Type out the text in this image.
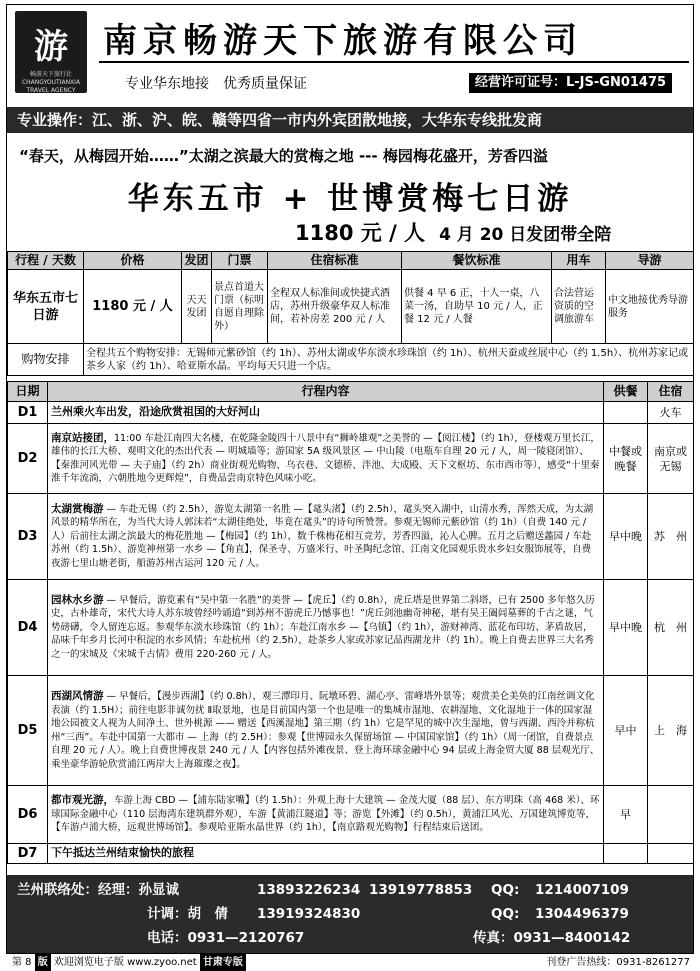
游
畅游天下旅行社 CHANGYOUTIANXIA TRAVEL AGENCY
南京畅游天下旅游有限公司
专业华东地接　优秀质量保证	经营许可证号：L-JS-GN01475
专业操作：江、浙、沪、皖、赣等四省一市内外宾团散地接，大华东专线批发商
“春天，从梅园开始……”太湖之滨最大的赏梅之地 --- 梅园梅花盛开，芳香四溢
华东五市 + 世博赏梅七日游
1180 元 / 人 4 月 20 日发团带全陪
行程 / 天数	价格	发团	门票	住宿标准	餐饮标准	用车	导游
华东五市七日游	1180 元 / 人	天天发团	景点首道大门票（标明自愿自理除外）	全程双人标准间或快捷式酒店，苏州升级豪华双人标准间，若补房差 200 元 / 人	供餐 4 早 6 正，十人一桌，八菜一汤，自助早 10 元 / 人，正餐 12 元 / 人餐	合法营运资质的空调旅游车	中文地接优秀导游服务
购物安排	全程共五个购物安排：无锡师元紫砂馆（约 1h）、苏州太湖或华东淡水珍珠馆（约 1h）、杭州天蚕或丝展中心（约 1.5h）、杭州苏家记或茶乡人家（约 1h）、哈亚斯水晶。平均每天只进一个店。						
日期	行程内容	供餐	住宿
D1	兰州乘火车出发，沿途欣赏祖国的大好河山		火车
D2	南京站接团，11:00 车赴江南四大名楼，在乾隆金陵四十八景中有“狮岭雄观”之美誉的 —【阅江楼】（约 1h），登楼观万里长江，雄伟的长江大桥、观明文化的杰出代表 — 明城墙等；游国家 5A 级风景区 — 中山陵（电瓶车自理 20 元 / 人，周一陵寝闭馆）、【秦淮河风光带 — 夫子庙】（约 2h）商业街观光购物、乌衣巷、文德桥、泮池、大成殿、天下文枢坊、东市西市等），感受“十里秦淮千年流淌，六朝胜地今更辉煌”，自费品尝南京特色风味小吃。	中餐或晚餐	南京或无锡
D3	太湖赏梅游 — 车赴无锡（约 2.5h），游览太湖第一名胜 —【鼋头渚】（约 2.5h），鼋头突入湖中，山清水秀，浑然天成，为太湖风景的精华所在，为当代大诗人郭沫若“太湖佳绝处，毕竟在鼋头”的诗句所赞誉。参观无锡师元紫砂馆（约 1h）（自费 140 元 / 人）后前往太湖之滨最大的梅花胜地 —【梅园】（约 1h），数千株梅花相互竞芳，芳香四溢，沁人心脾。五月之后赠送蠡园 / 车赴苏州（约 1.5h）、游览神州第一水乡 —【角直】，保圣寺、万盛米行、叶圣陶纪念馆、江南文化园观乐贵水乡妇女服饰展等，自费夜游七里山塘老街，船游苏州古运河 120 元 / 人。	早中晚	苏　州
D4	园林水乡游 — 早餐后，游览素有“吴中第一名胜”的美誉 —【虎丘】（约 0.8h），虎丘塔是世界第二斜塔，已有 2500 多年悠久历史，古朴雄奇，宋代大诗人苏东坡曾经吟诵道“到苏州不游虎丘乃憾事也！”虎丘剑池幽奇神秘，堪有吴王阖闾墓葬的千古之谜，气势磅礴，令人留连忘返。参观华东淡水珍珠馆（约 1h）；车赴江南水乡 —【乌镇】（约 1h），游财神湾、蓝花布印坊、茅盾故居，品味千年乡月长河中积淀的水乡风情；车赴杭州（约 2.5h），赴茶乡人家或苏家记品西湖龙井（约 1h）。晚上自费去世界三大名秀之一的宋城及《宋城千古情》费用 220-260 元 / 人。	早中晚	杭　州
D5	西湖风情游 — 早餐后，【漫步西湖】（约 0.8h），观三潭印月、阮墩环碧、湖心亭、雷峰塔外景等；观赏美仑美奂的江南丝调文化表演（约 1.5H）；前往电影非诚勿扰 Ⅱ取景地，也是目前国内第一个也是唯一的集城市湿地、农耕湿地、文化湿地于一体的国家湿地公园被文人视为人间净土、世外桃源 —— 赠送【西溪湿地】第三期（约 1h）它是罕见的城中次生湿地，曾与西湖、西泠并称杭州“三西”。车赴中国第一大都市 — 上海（约 2.5H）：参观【世博园永久保留场馆 — 中国国家馆】（约 1h）（周一闭馆，自费景点自理 20 元 / 人）。晚上自费世博夜景 240 元 / 人【内容包括外滩夜景、登上海环球金融中心 94 层或上海金贸大厦 88 层观光厅、乘坐豪华游轮欣赏浦江两岸大上海璀璨之夜】。	早中	上　海
D6	都市观光游，车游上海 CBD —【浦东陆家嘴】（约 1.5h）：外观上海十大建筑 — 金茂大厦（88 层）、东方明珠（高 468 米）、环球国际金融中心（110 层海湾东建筑群外观），车游【黄浦江隧道】等；游览【外滩】（约 0.5h），黄浦江风光、万国建筑博览等，【车游卢浦大桥，远观世博场馆】。参观哈亚斯水晶世界（约 1h），【南京路观光购物】行程结束后送团。	早	
D7	下午抵达兰州结束愉快的旅程		
兰州联络处：经理：孙显诚	13893226234 13919778853 QQ: 1214007109
计调：胡　倩 13919324830	QQ: 1304496379
电话：0931—2120767	传真：0931—8400142
第 8 版 欢迎浏览电子版 www.zyoo.net 甘肃专版	刊登广告热线：0931-8261277
